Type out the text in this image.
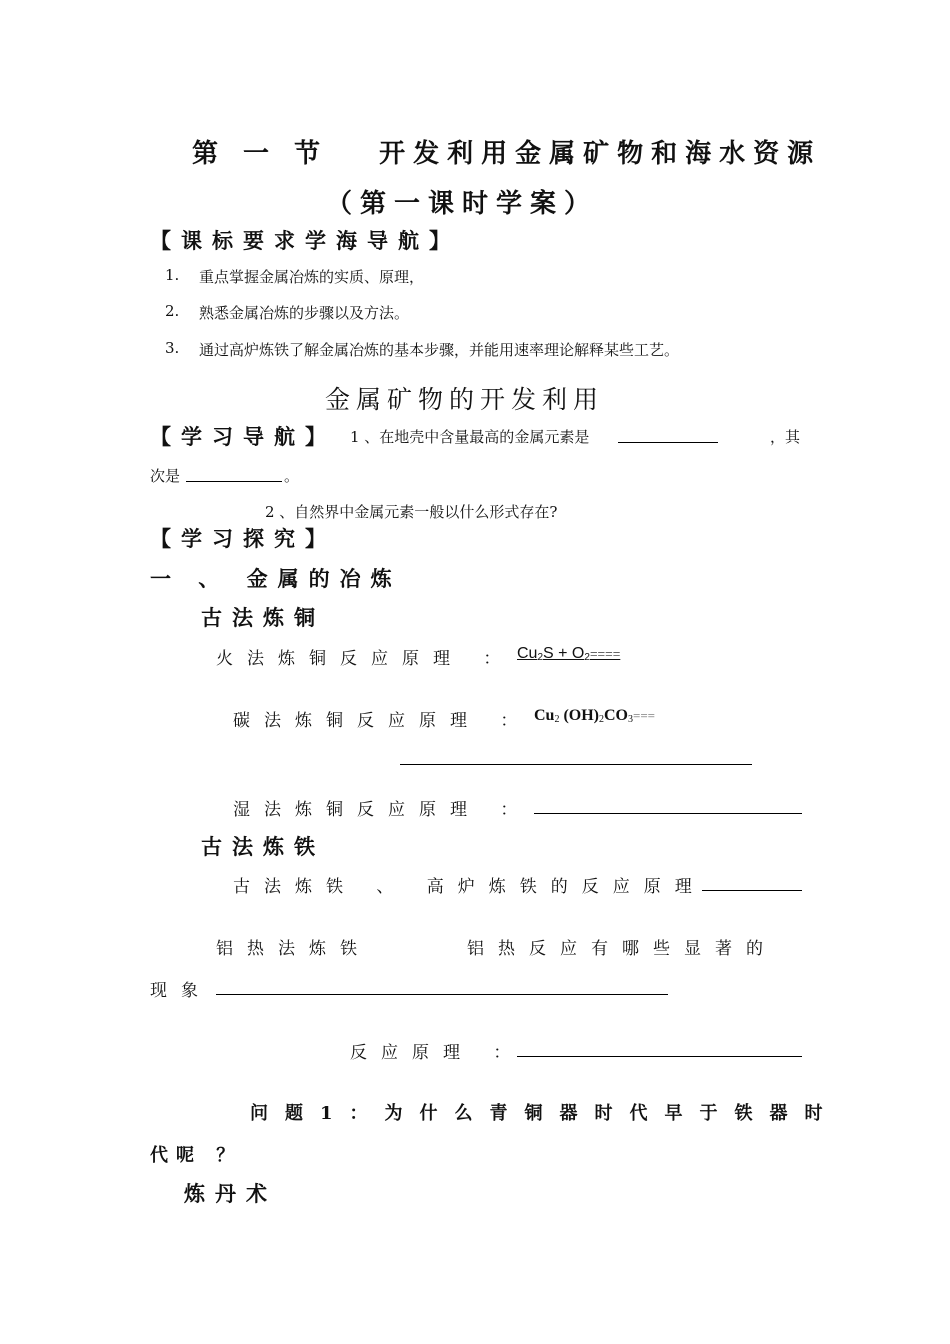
第 一 节　 开发利用金属矿物和海水资源
（第一课时学案）
【课标要求学海导航】
1. 重点掌握金属冶炼的实质、原理，
2. 熟悉金属冶炼的步骤以及方法。
3. 通过高炉炼铁了解金属冶炼的基本步骤，并能用速率理论解释某些工艺。
金属矿物的开发利用
【学习导航】 1 、在地壳中含量最高的金属元素是	，其
次是	。
2 、自然界中金属元素一般以什么形式存在?
【学习探究】
一 、 金属的冶炼
古法炼铜
火法炼铜反应原理 ： $Cu_2S + O_2====$
碳法炼铜反应原理 ： $Cu_2$ $(OH)_2CO_3===$
湿法炼铜反应原理 ：
古法炼铁
古法炼铁 、 高炉炼铁的反应原理
铝热法炼铁	铝热反应有哪些显著的
现象
反应原理 ：
问题1：为什么青铜器时代早于铁器时
代呢 ？
炼丹术
